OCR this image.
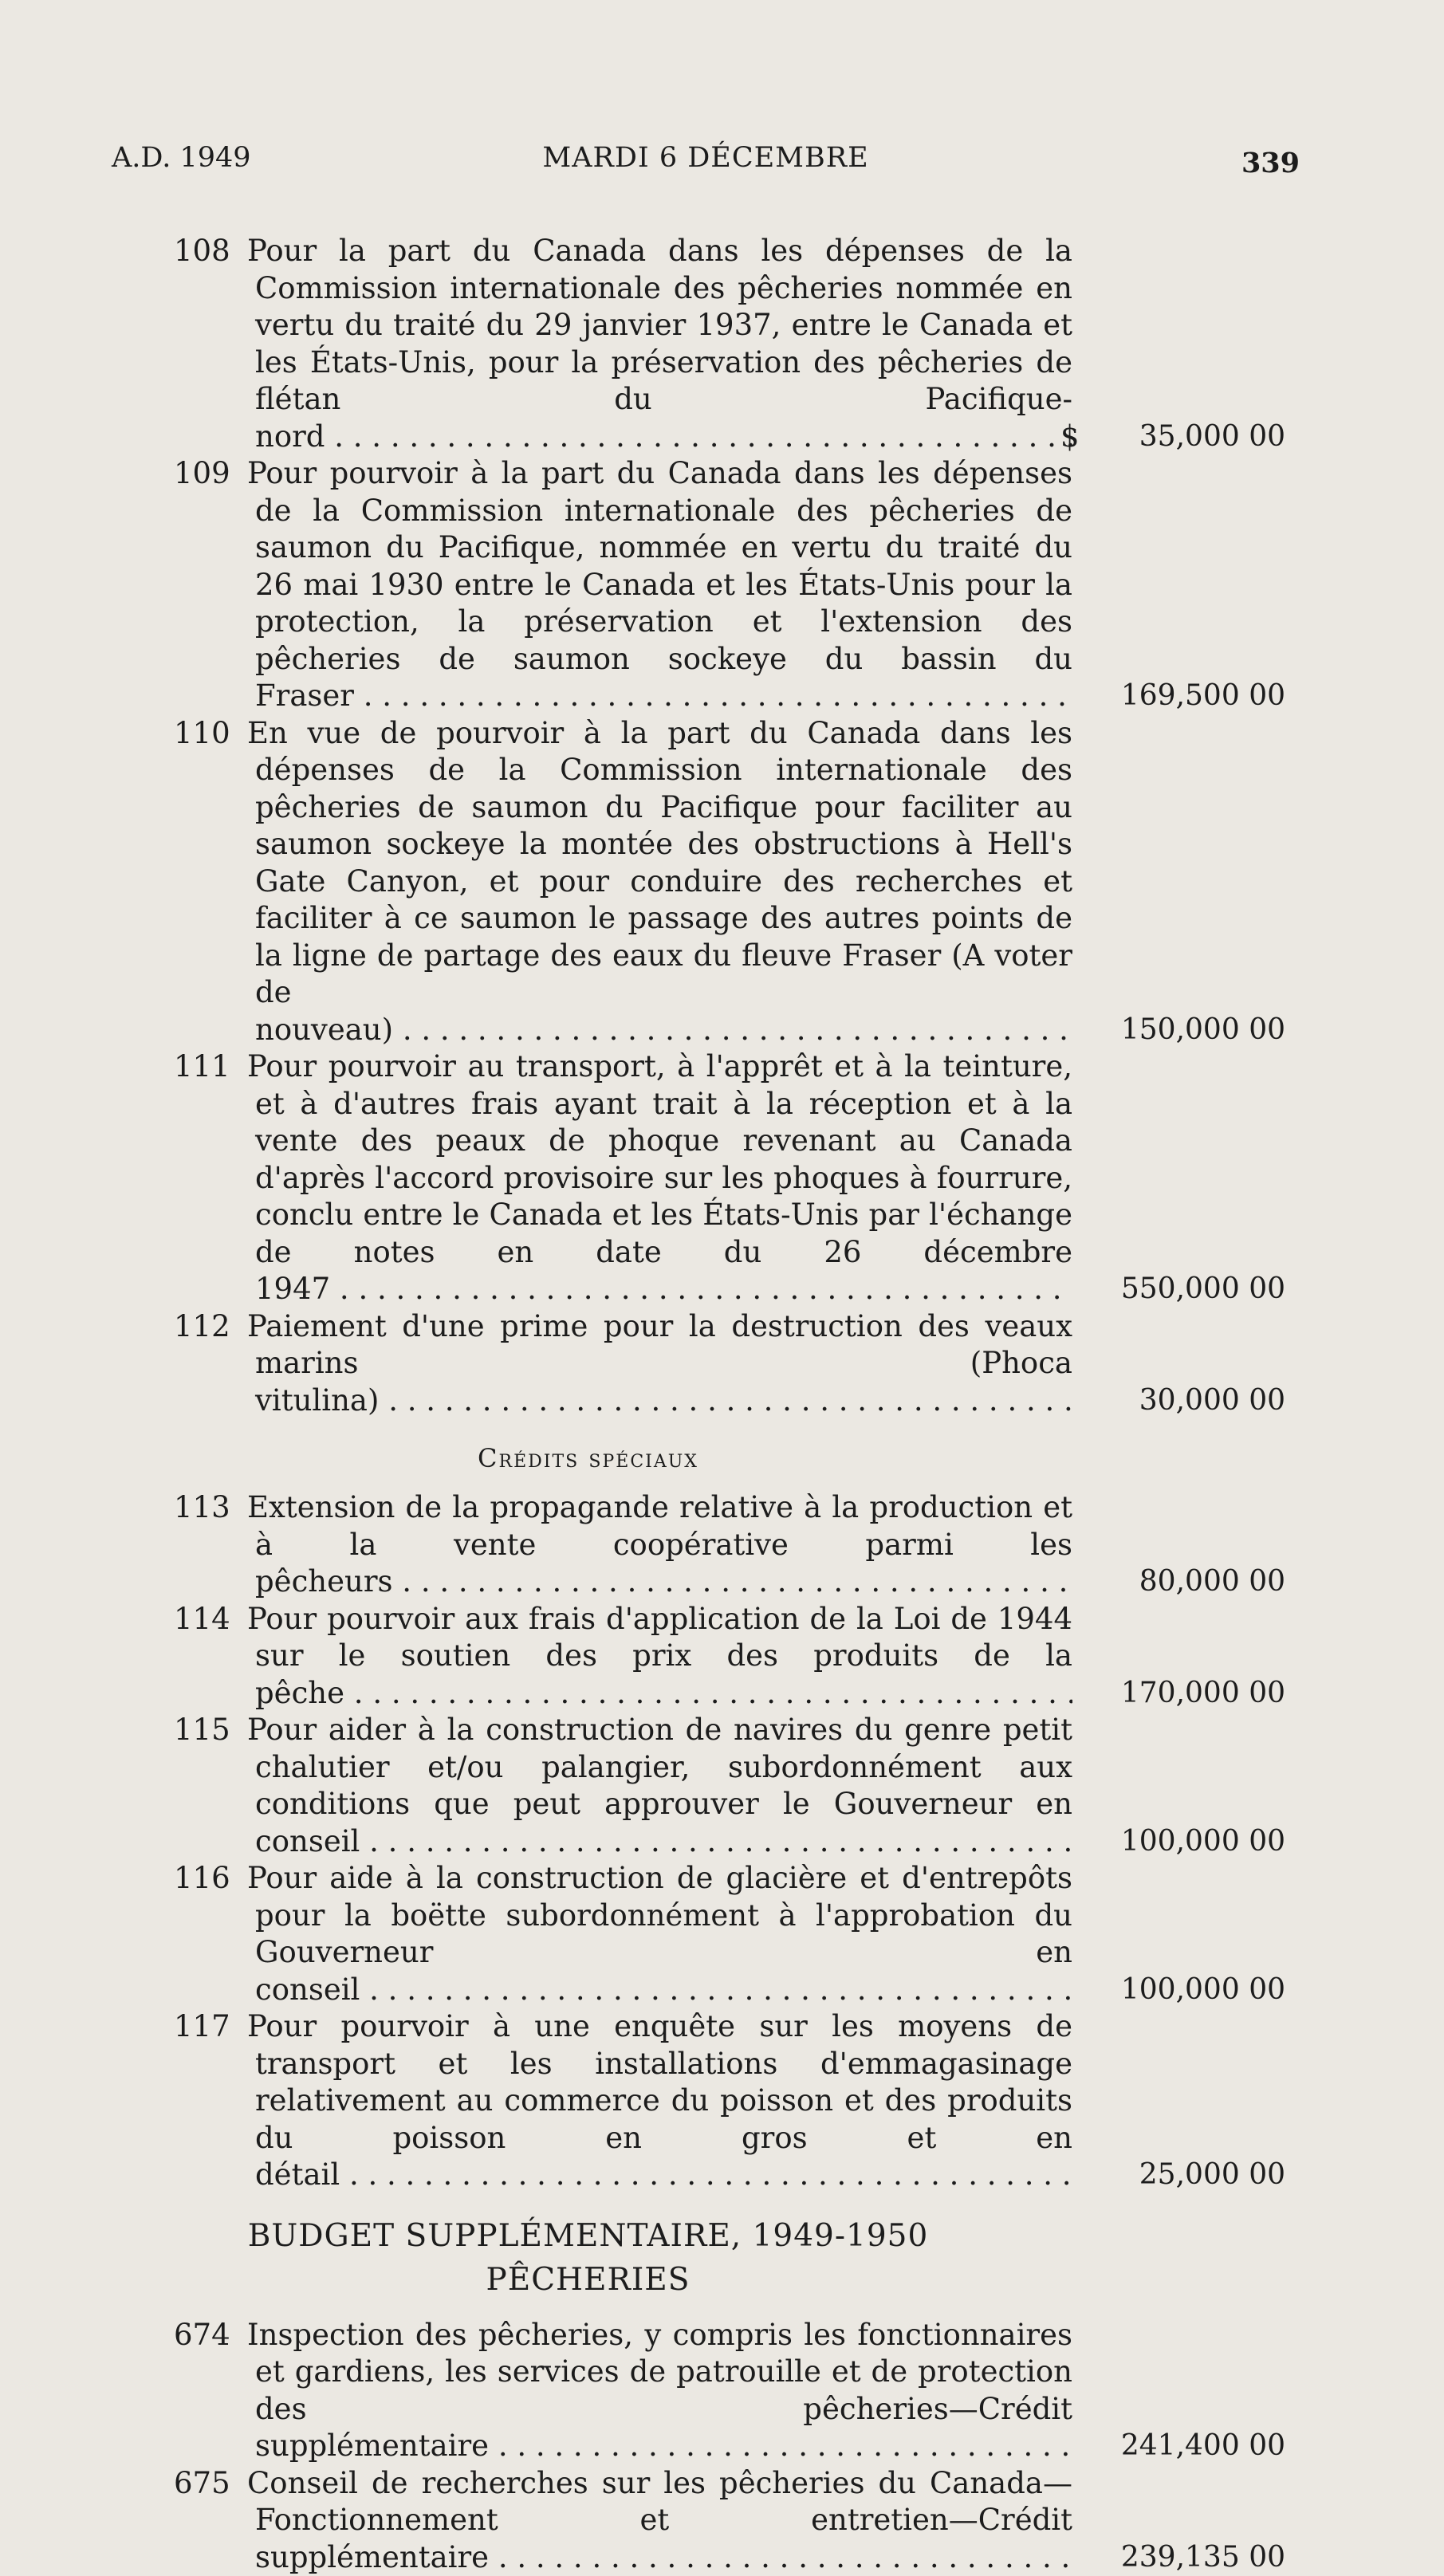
A.D. 1949	MARDI 6 DÉCEMBRE	339
108 Pour la part du Canada dans les dépenses de la Commission internationale des pêcheries nommée en vertu du traité du 29 janvier 1937, entre le Canada et les États-Unis, pour la préservation des pêcheries de flétan du Pacifique-nord . . .	$ 35,000 00
109 Pour pourvoir à la part du Canada dans les dépenses de la Commission internationale des pêcheries de saumon du Pacifique, nommée en vertu du traité du 26 mai 1930 entre le Canada et les États-Unis pour la protection, la préservation et l'extension des pêcheries de saumon sockeye du bassin du Fraser . . .	169,500 00
110 En vue de pourvoir à la part du Canada dans les dépenses de la Commission internationale des pêcheries de saumon du Pacifique pour faciliter au saumon sockeye la montée des obstructions à Hell's Gate Canyon, et pour conduire des recherches et faciliter à ce saumon le passage des autres points de la ligne de partage des eaux du fleuve Fraser (A voter de nouveau) . . .	150,000 00
111 Pour pourvoir au transport, à l'apprêt et à la teinture, et à d'autres frais ayant trait à la réception et à la vente des peaux de phoque revenant au Canada d'après l'accord provisoire sur les phoques à fourrure, conclu entre le Canada et les États-Unis par l'échange de notes en date du 26 décembre 1947 . . .	550,000 00
112 Paiement d'une prime pour la destruction des veaux marins (Phoca vitulina) . . .	30,000 00
Crédits spéciaux
113 Extension de la propagande relative à la production et à la vente coopérative parmi les pêcheurs . . .	80,000 00
114 Pour pourvoir aux frais d'application de la Loi de 1944 sur le soutien des prix des produits de la pêche . . .	170,000 00
115 Pour aider à la construction de navires du genre petit chalutier et/ou palangier, subordonnément aux conditions que peut approuver le Gouverneur en conseil . . .	100,000 00
116 Pour aide à la construction de glacière et d'entrepôts pour la boëtte subordonnément à l'approbation du Gouverneur en conseil . . .	100,000 00
117 Pour pourvoir à une enquête sur les moyens de transport et les installations d'emmagasinage relativement au commerce du poisson et des produits du poisson en gros et en détail . . .	25,000 00
BUDGET SUPPLÉMENTAIRE, 1949-1950
PÊCHERIES
674 Inspection des pêcheries, y compris les fonctionnaires et gardiens, les services de patrouille et de protection des pêcheries—Crédit supplémentaire . . .	241,400 00
675 Conseil de recherches sur les pêcheries du Canada—Fonctionnement et entretien—Crédit supplémentaire . . .	239,135 00
